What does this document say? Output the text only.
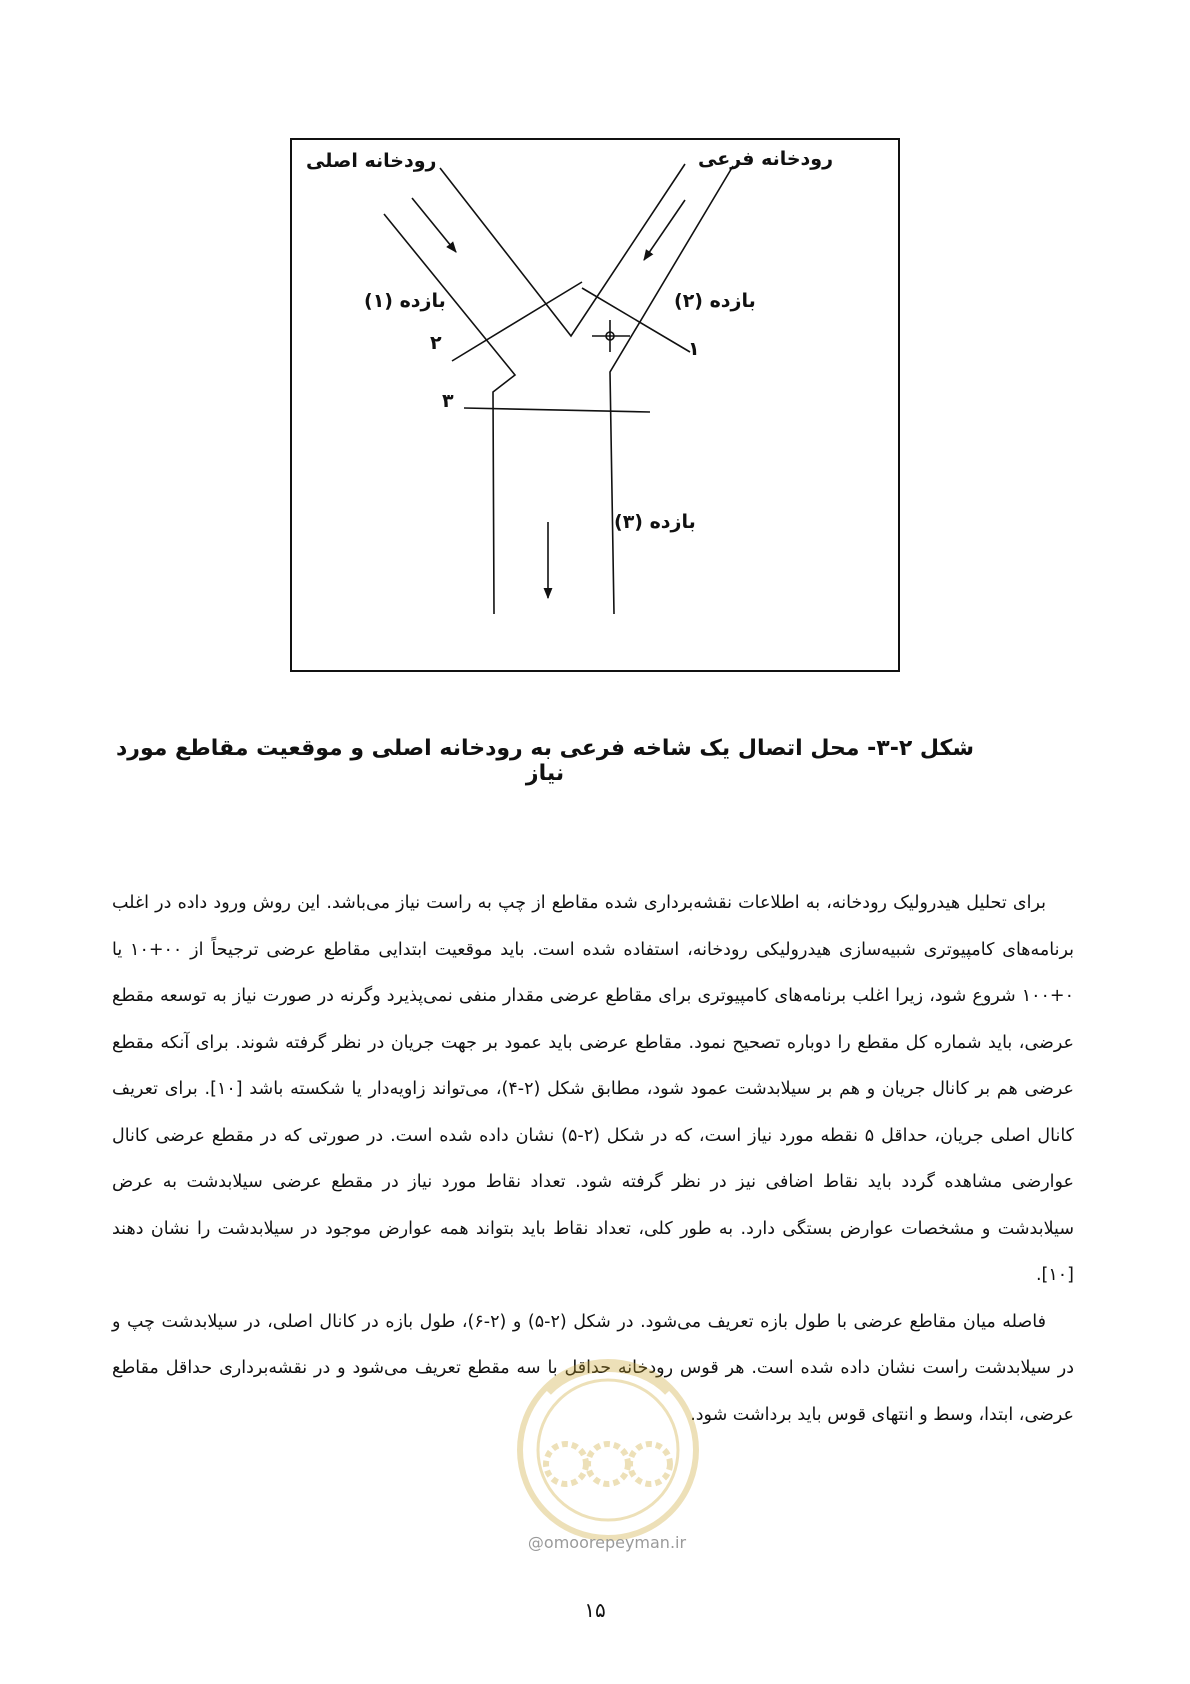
رودخانه اصلی	رودخانه فرعی
بازده (۱)	بازده (۲)
بازده (۳)
۲	۱
۳
شکل ۲-۳- محل اتصال یک شاخه فرعی به رودخانه اصلی و موقعیت مقاطع مورد نیاز

برای تحلیل هیدرولیک رودخانه، به اطلاعات نقشه‌برداری شده مقاطع از چپ به راست نیاز می‌باشد. این روش ورود داده در اغلب برنامه‌های کامپیوتری شبیه‌سازی هیدرولیکی رودخانه، استفاده شده است. باید موقعیت ابتدایی مقاطع عرضی ترجیحاً از ۰۰+۱۰ یا ۰+۱۰۰ شروع شود، زیرا اغلب برنامه‌های کامپیوتری برای مقاطع عرضی مقدار منفی نمی‌پذیرد وگرنه در صورت نیاز به توسعه مقطع عرضی، باید شماره کل مقطع را دوباره تصحیح نمود. مقاطع عرضی باید عمود بر جهت جریان در نظر گرفته شوند. برای آنکه مقطع عرضی هم بر کانال جریان و هم بر سیلابدشت عمود شود، مطابق شکل (۲-۴)، می‌تواند زاویه‌دار یا شکسته باشد [۱۰]. برای تعریف کانال اصلی جریان، حداقل ۵ نقطه مورد نیاز است، که در شکل (۲-۵) نشان داده شده است. در صورتی که در مقطع عرضی کانال عوارضی مشاهده گردد باید نقاط اضافی نیز در نظر گرفته شود. تعداد نقاط مورد نیاز در مقطع عرضی سیلابدشت به عرض سیلابدشت و مشخصات عوارض بستگی دارد. به طور کلی، تعداد نقاط باید بتواند همه عوارض موجود در سیلابدشت را نشان دهند [۱۰].

فاصله میان مقاطع عرضی با طول بازه تعریف می‌شود. در شکل (۲-۵) و (۲-۶)، طول بازه در کانال اصلی، در سیلابدشت چپ و در سیلابدشت راست نشان داده شده است. هر قوس رودخانه حداقل با سه مقطع تعریف می‌شود و در نقشه‌برداری حداقل مقاطع عرضی، ابتدا، وسط و انتهای قوس باید برداشت شود.

@omoorepeyman.ir
۱۵
